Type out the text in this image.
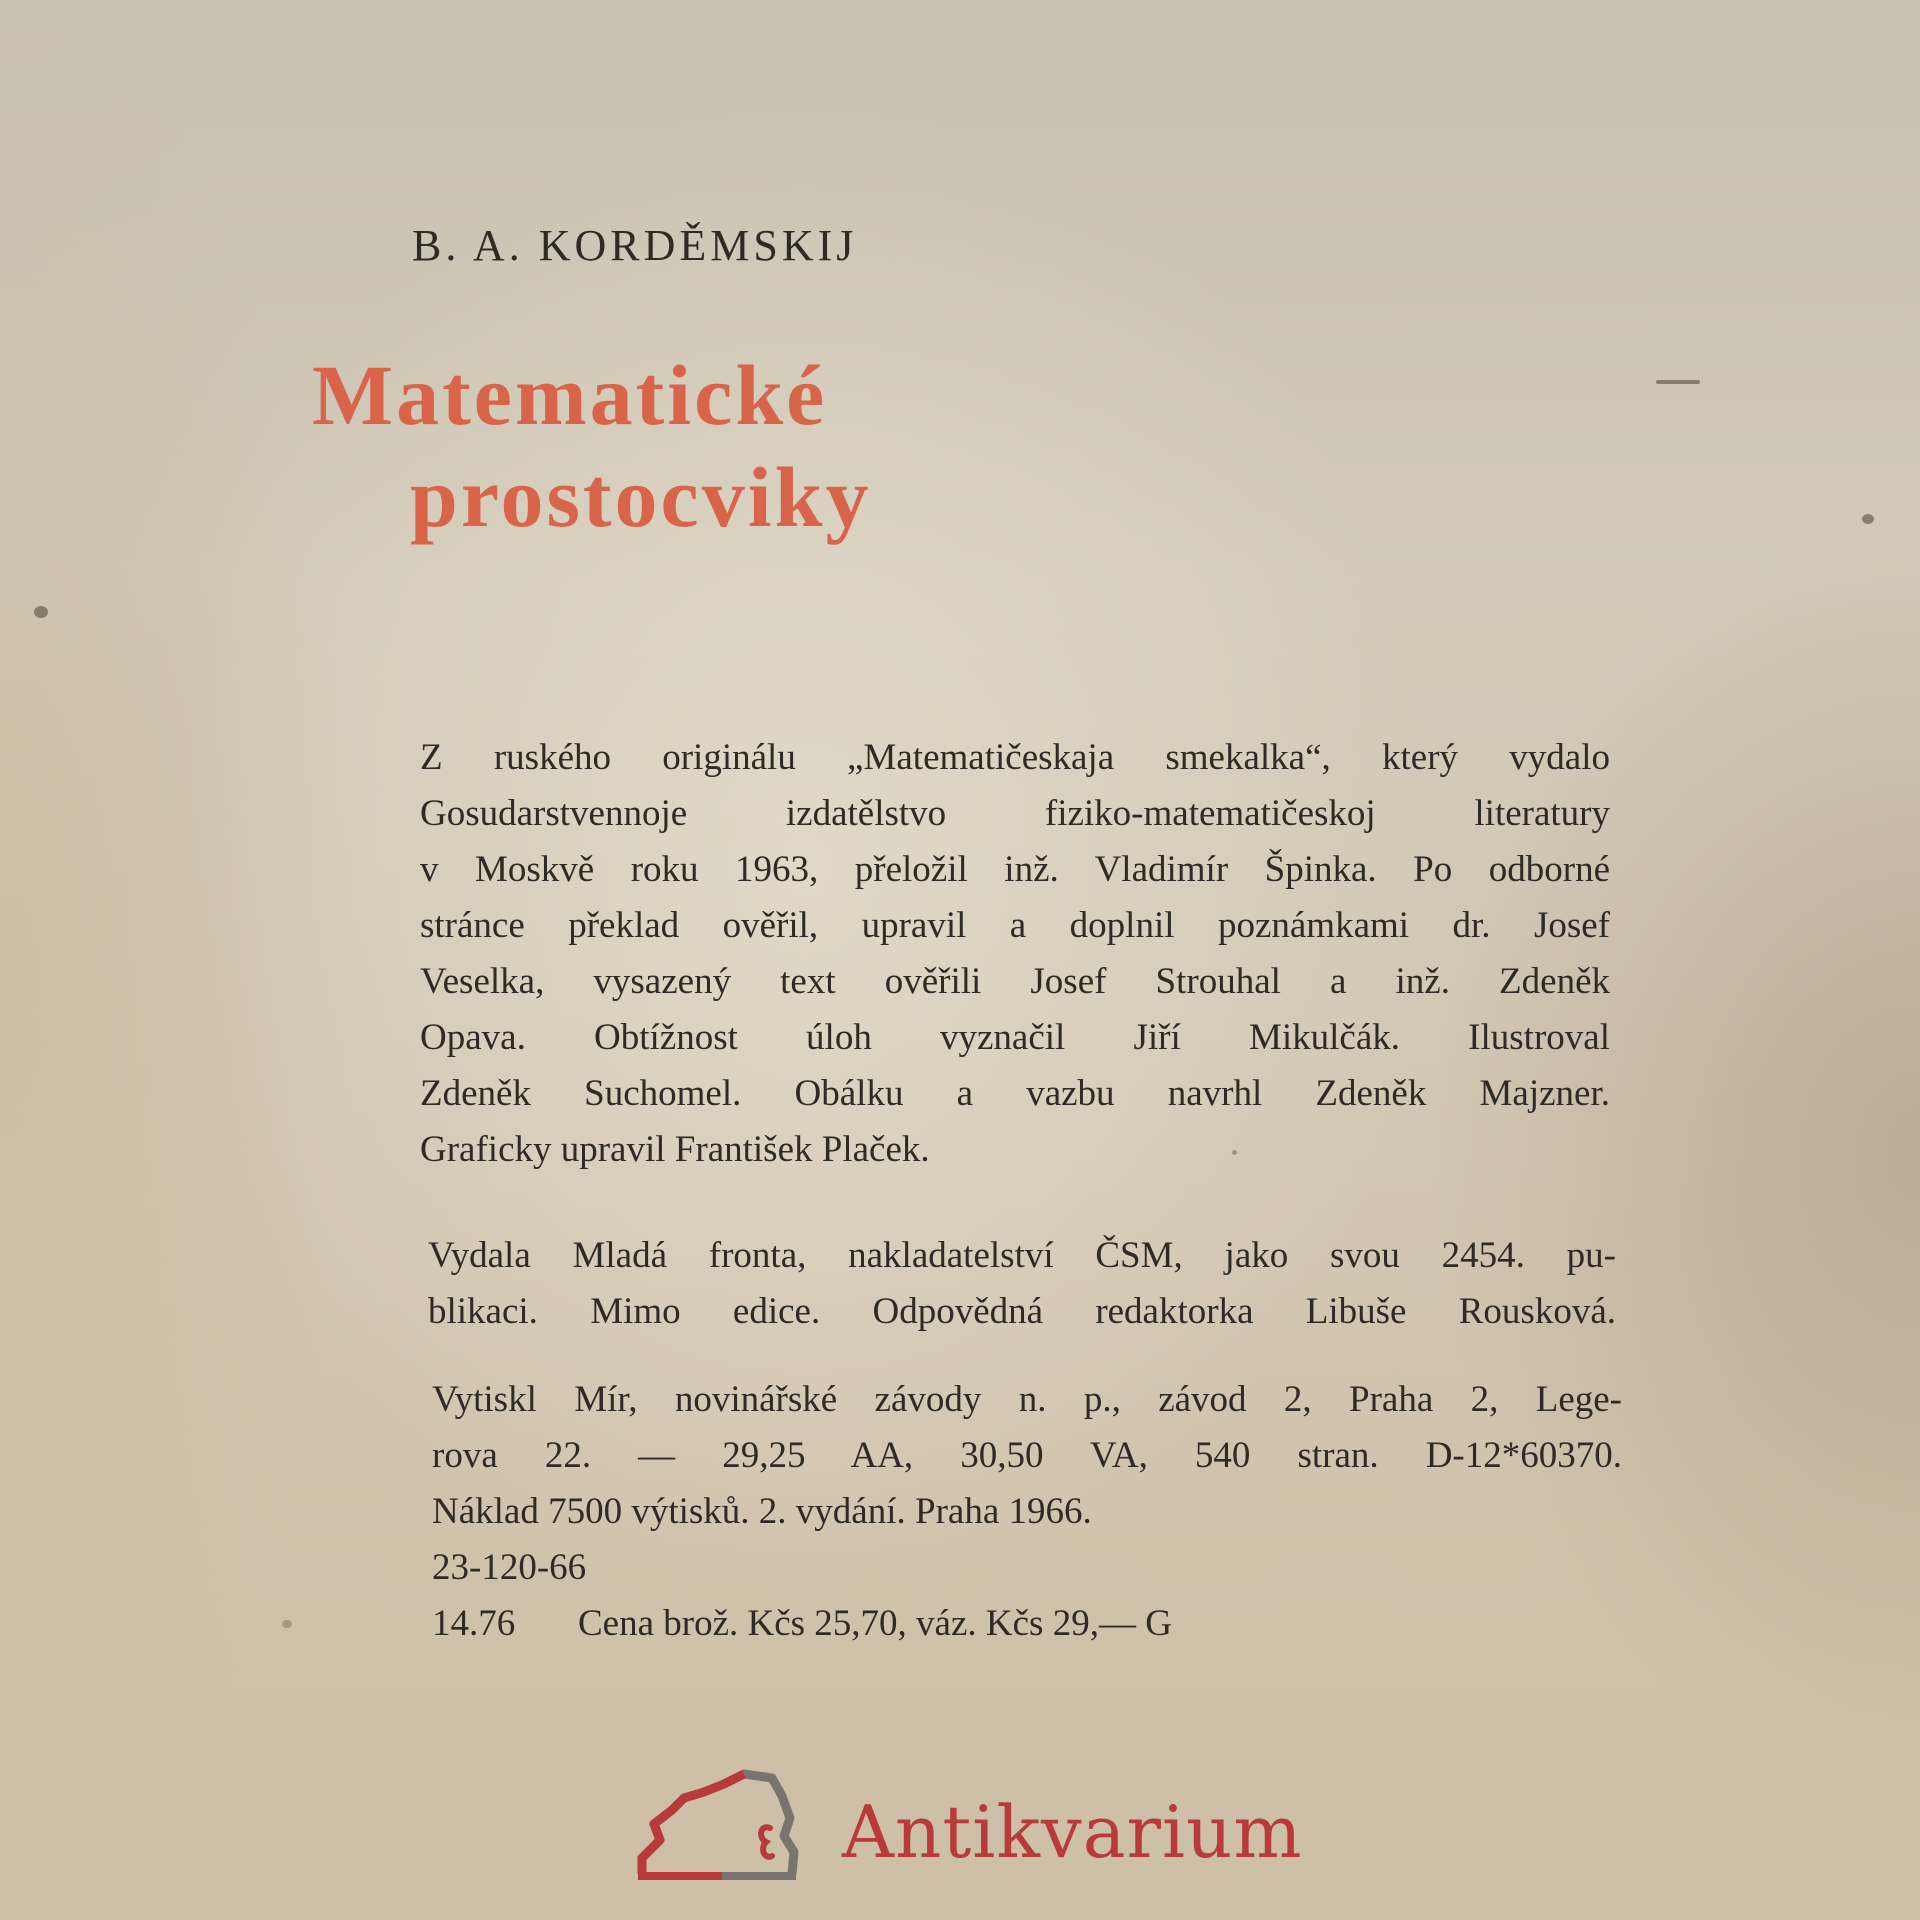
B. A. KORDĚMSKIJ
Matematické
prostocviky
Z ruského originálu „Matematičeskaja smekalka“, který vydalo
Gosudarstvennoje izdatělstvo fiziko-matematičeskoj literatury
v Moskvě roku 1963, přeložil inž. Vladimír Špinka. Po odborné
stránce překlad ověřil, upravil a doplnil poznámkami dr. Josef
Veselka, vysazený text ověřili Josef Strouhal a inž. Zdeněk
Opava. Obtížnost úloh vyznačil Jiří Mikulčák. Ilustroval
Zdeněk Suchomel. Obálku a vazbu navrhl Zdeněk Majzner.
Graficky upravil František Plaček.
Vydala Mladá fronta, nakladatelství ČSM, jako svou 2454. pu-
blikaci. Mimo edice. Odpovědná redaktorka Libuše Rousková.
Vytiskl Mír, novinářské závody n. p., závod 2, Praha 2, Lege-
rova 22. — 29,25 AA, 30,50 VA, 540 stran. D-12*60370.
Náklad 7500 výtisků. 2. vydání. Praha 1966.
23-120-66
14.76 Cena brož. Kčs 25,70, váz. Kčs 29,— G
Antikvarium
